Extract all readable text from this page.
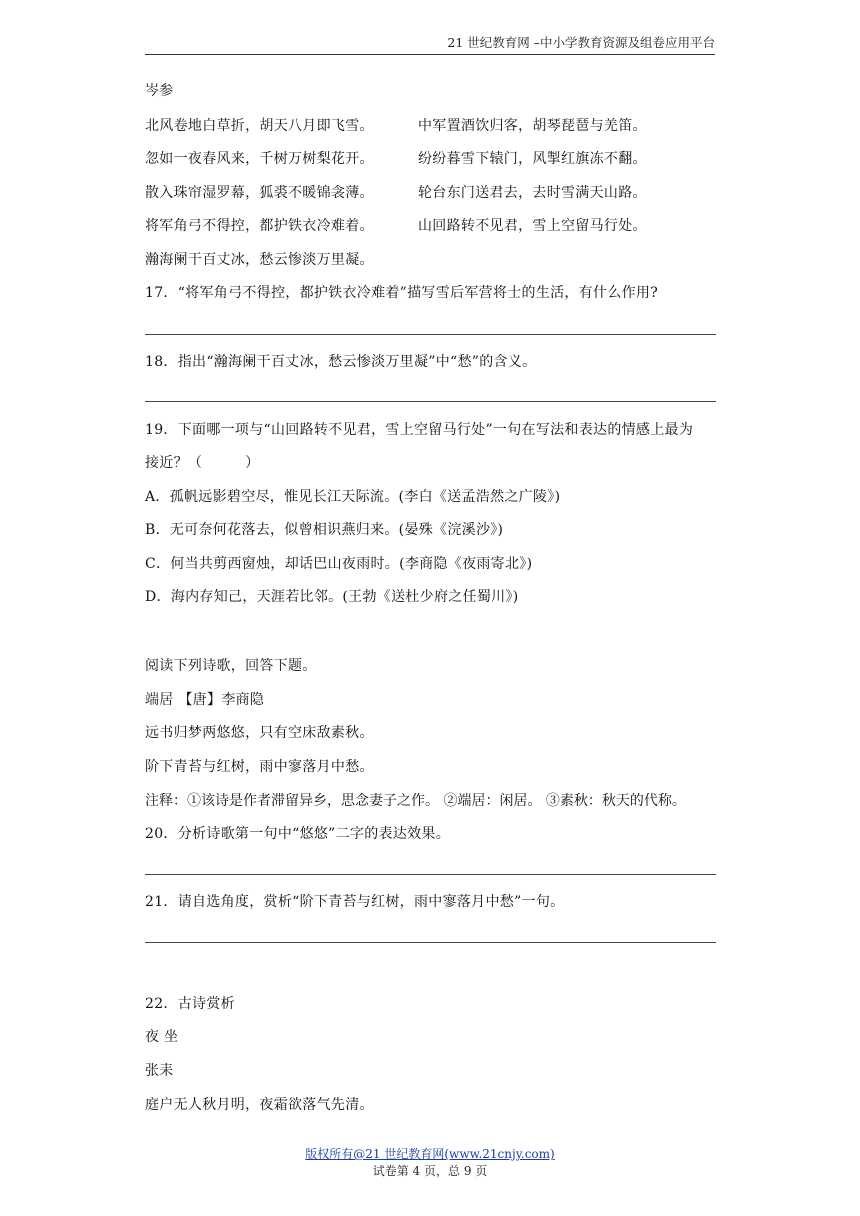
21 世纪教育网 –中小学教育资源及组卷应用平台
岑参
北风卷地白草折，胡天八月即飞雪。	中军置酒饮归客，胡琴琵琶与羌笛。
忽如一夜春风来，千树万树梨花开。	纷纷暮雪下辕门，风掣红旗冻不翻。
散入珠帘湿罗幕，狐裘不暖锦衾薄。	轮台东门送君去，去时雪满天山路。
将军角弓不得控，都护铁衣冷难着。	山回路转不见君，雪上空留马行处。
瀚海阑干百丈冰，愁云惨淡万里凝。
17．“将军角弓不得控，都护铁衣冷难着”描写雪后军营将士的生活，有什么作用?
18．指出“瀚海阑干百丈冰，愁云惨淡万里凝”中“愁”的含义。
19．下面哪一项与“山回路转不见君，雪上空留马行处”一句在写法和表达的情感上最为
接近？（　　　）
A．孤帆远影碧空尽，惟见长江天际流。(李白《送孟浩然之广陵》)
B．无可奈何花落去，似曾相识燕归来。(晏殊《浣溪沙》)
C．何当共剪西窗烛，却话巴山夜雨时。(李商隐《夜雨寄北》)
D．海内存知己，天涯若比邻。(王勃《送杜少府之任蜀川》)
阅读下列诗歌，回答下题。
端居 【唐】李商隐
远书归梦两悠悠，只有空床敌素秋。
阶下青苔与红树，雨中寥落月中愁。
注释：①该诗是作者滞留异乡，思念妻子之作。 ②端居：闲居。 ③素秋：秋天的代称。
20．分析诗歌第一句中“悠悠”二字的表达效果。
21．请自选角度，赏析“阶下青苔与红树，雨中寥落月中愁”一句。
22．古诗赏析
夜 坐
张耒
庭户无人秋月明，夜霜欲落气先清。
版权所有@21 世纪教育网(www.21cnjy.com)
试卷第 4 页，总 9 页
